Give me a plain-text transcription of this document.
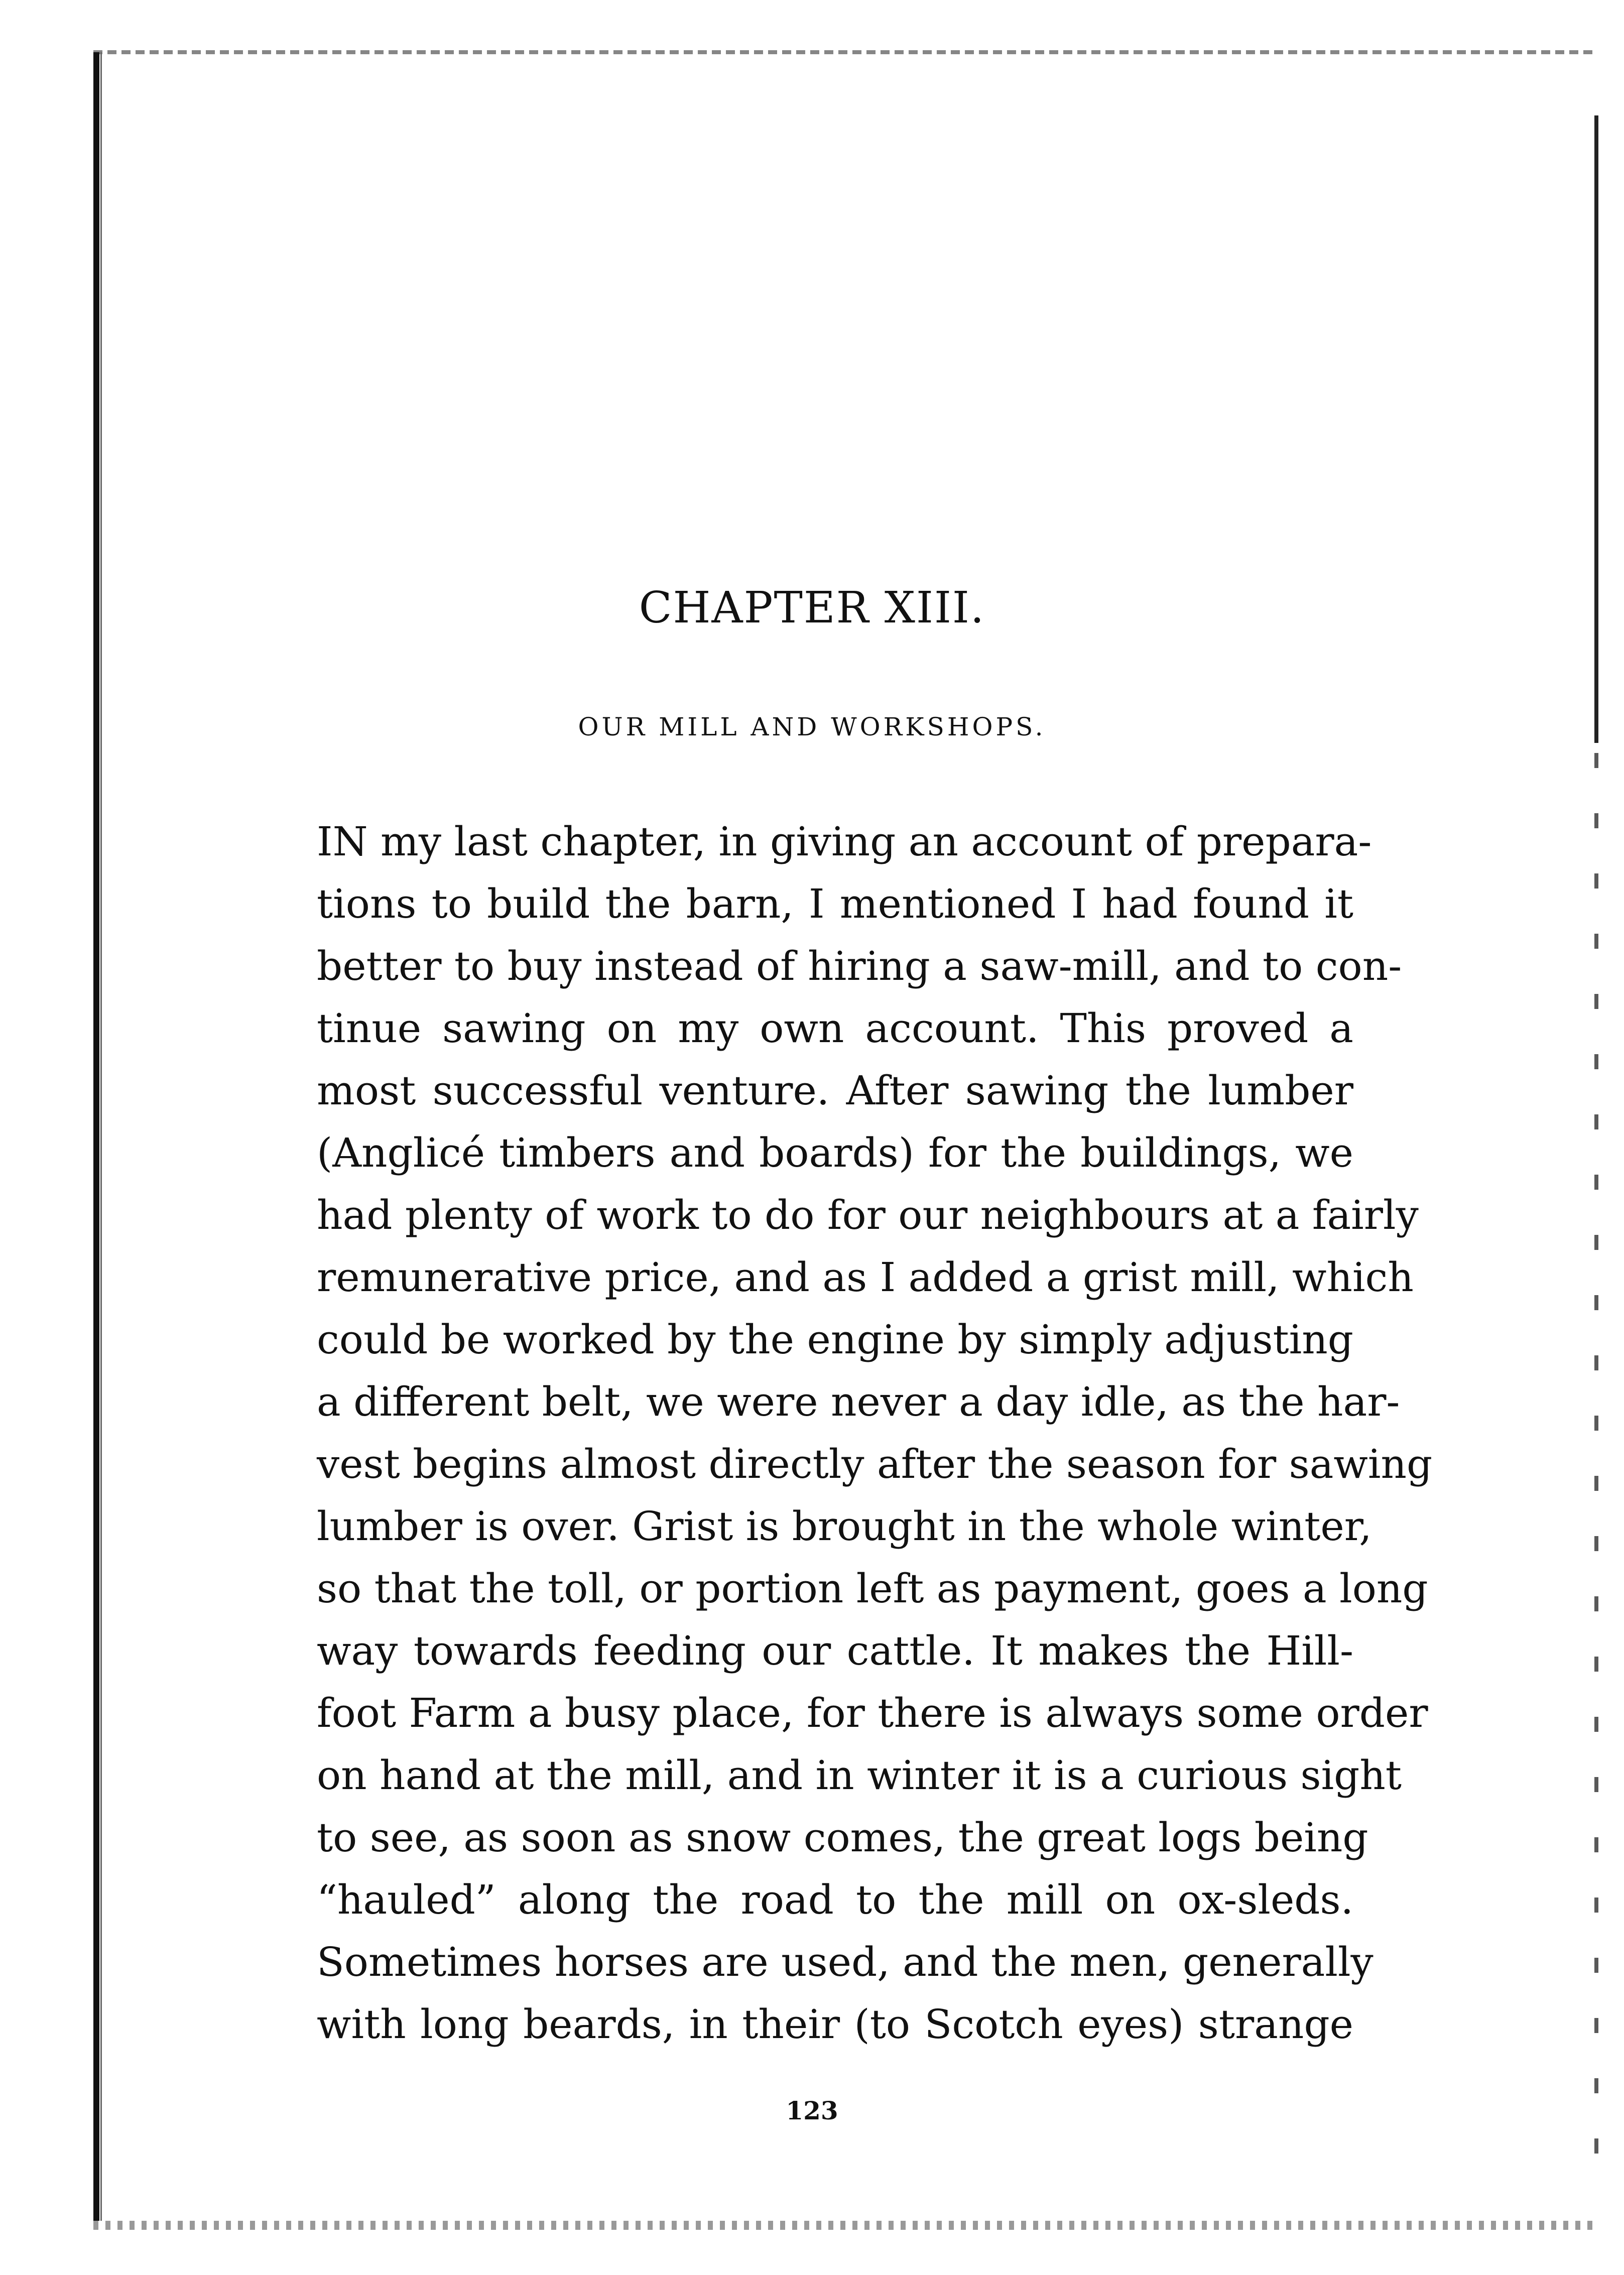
CHAPTER XIII.
OUR MILL AND WORKSHOPS.
IN my last chapter, in giving an account of prepara-
tions to build the barn, I mentioned I had found it
better to buy instead of hiring a saw-mill, and to con-
tinue sawing on my own account. This proved a
most successful venture. After sawing the lumber
(Anglicé timbers and boards) for the buildings, we
had plenty of work to do for our neighbours at a fairly
remunerative price, and as I added a grist mill, which
could be worked by the engine by simply adjusting
a different belt, we were never a day idle, as the har-
vest begins almost directly after the season for sawing
lumber is over. Grist is brought in the whole winter,
so that the toll, or portion left as payment, goes a long
way towards feeding our cattle. It makes the Hill-
foot Farm a busy place, for there is always some order
on hand at the mill, and in winter it is a curious sight
to see, as soon as snow comes, the great logs being
“hauled” along the road to the mill on ox-sleds.
Sometimes horses are used, and the men, generally
with long beards, in their (to Scotch eyes) strange
123
